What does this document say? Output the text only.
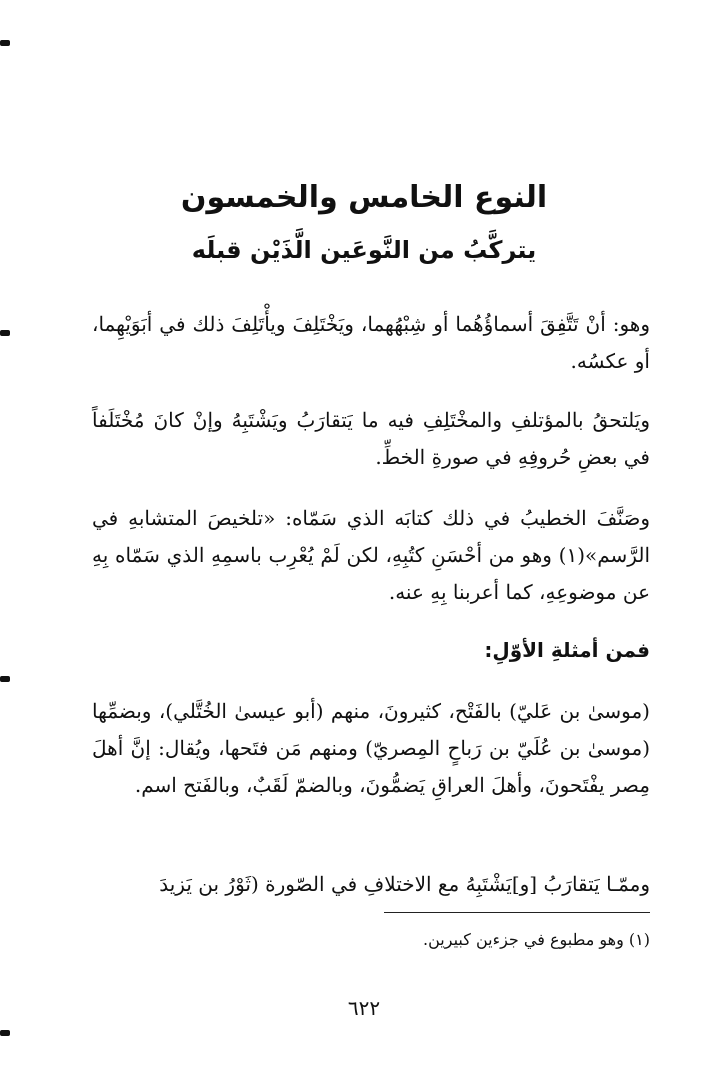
النوع الخامس والخمسون
يتركَّبُ من النَّوعَين الَّذَيْن قبلَه
وهو: أنْ تَتَّفِقَ أسماؤُهُما أو شِبْهُهما، ويَخْتَلِفَ ويأْتَلِفَ ذلك في أبَوَيْهِما، أو عكسُه.
ويَلتحقُ بالمؤتلفِ والمخْتَلِفِ فيه ما يَتقارَبُ ويَشْتَبِهُ وإنْ كانَ مُخْتَلَفاً في بعضِ حُروفِهِ في صورةِ الخطِّ.
وصَنَّفَ الخطيبُ في ذلك كتابَه الذي سَمّاه: «تلخيصَ المتشابهِ في الرَّسم»(١) وهو من أحْسَنِ كتُبِهِ، لكن لَمْ يُعْرِب باسمِهِ الذي سَمّاه بِهِ عن موضوعِهِ، كما أعربنا بِهِ عنه.
فمن أمثلةِ الأوّلِ:
(موسىٰ بن عَليّ) بالفَتْح، كثيرونَ، منهم (أبو عيسىٰ الخُتَّلي)، وبضمِّها (موسىٰ بن عُلَيّ بن رَباحٍ المِصريّ) ومنهم مَن فتَحها، ويُقال: إنَّ أهلَ مِصر يفْتَحونَ، وأهلَ العراقِ يَضمُّونَ، وبالضمّ لَقَبٌ، وبالفَتح اسم.
وممّـا يَتقارَبُ [و]يَشْتَبِهُ مع الاختلافِ في الصّورة (ثَوْرُ بن يَزيدَ
(١) وهو مطبوع في جزءين كبيرين.
٦٢٢
